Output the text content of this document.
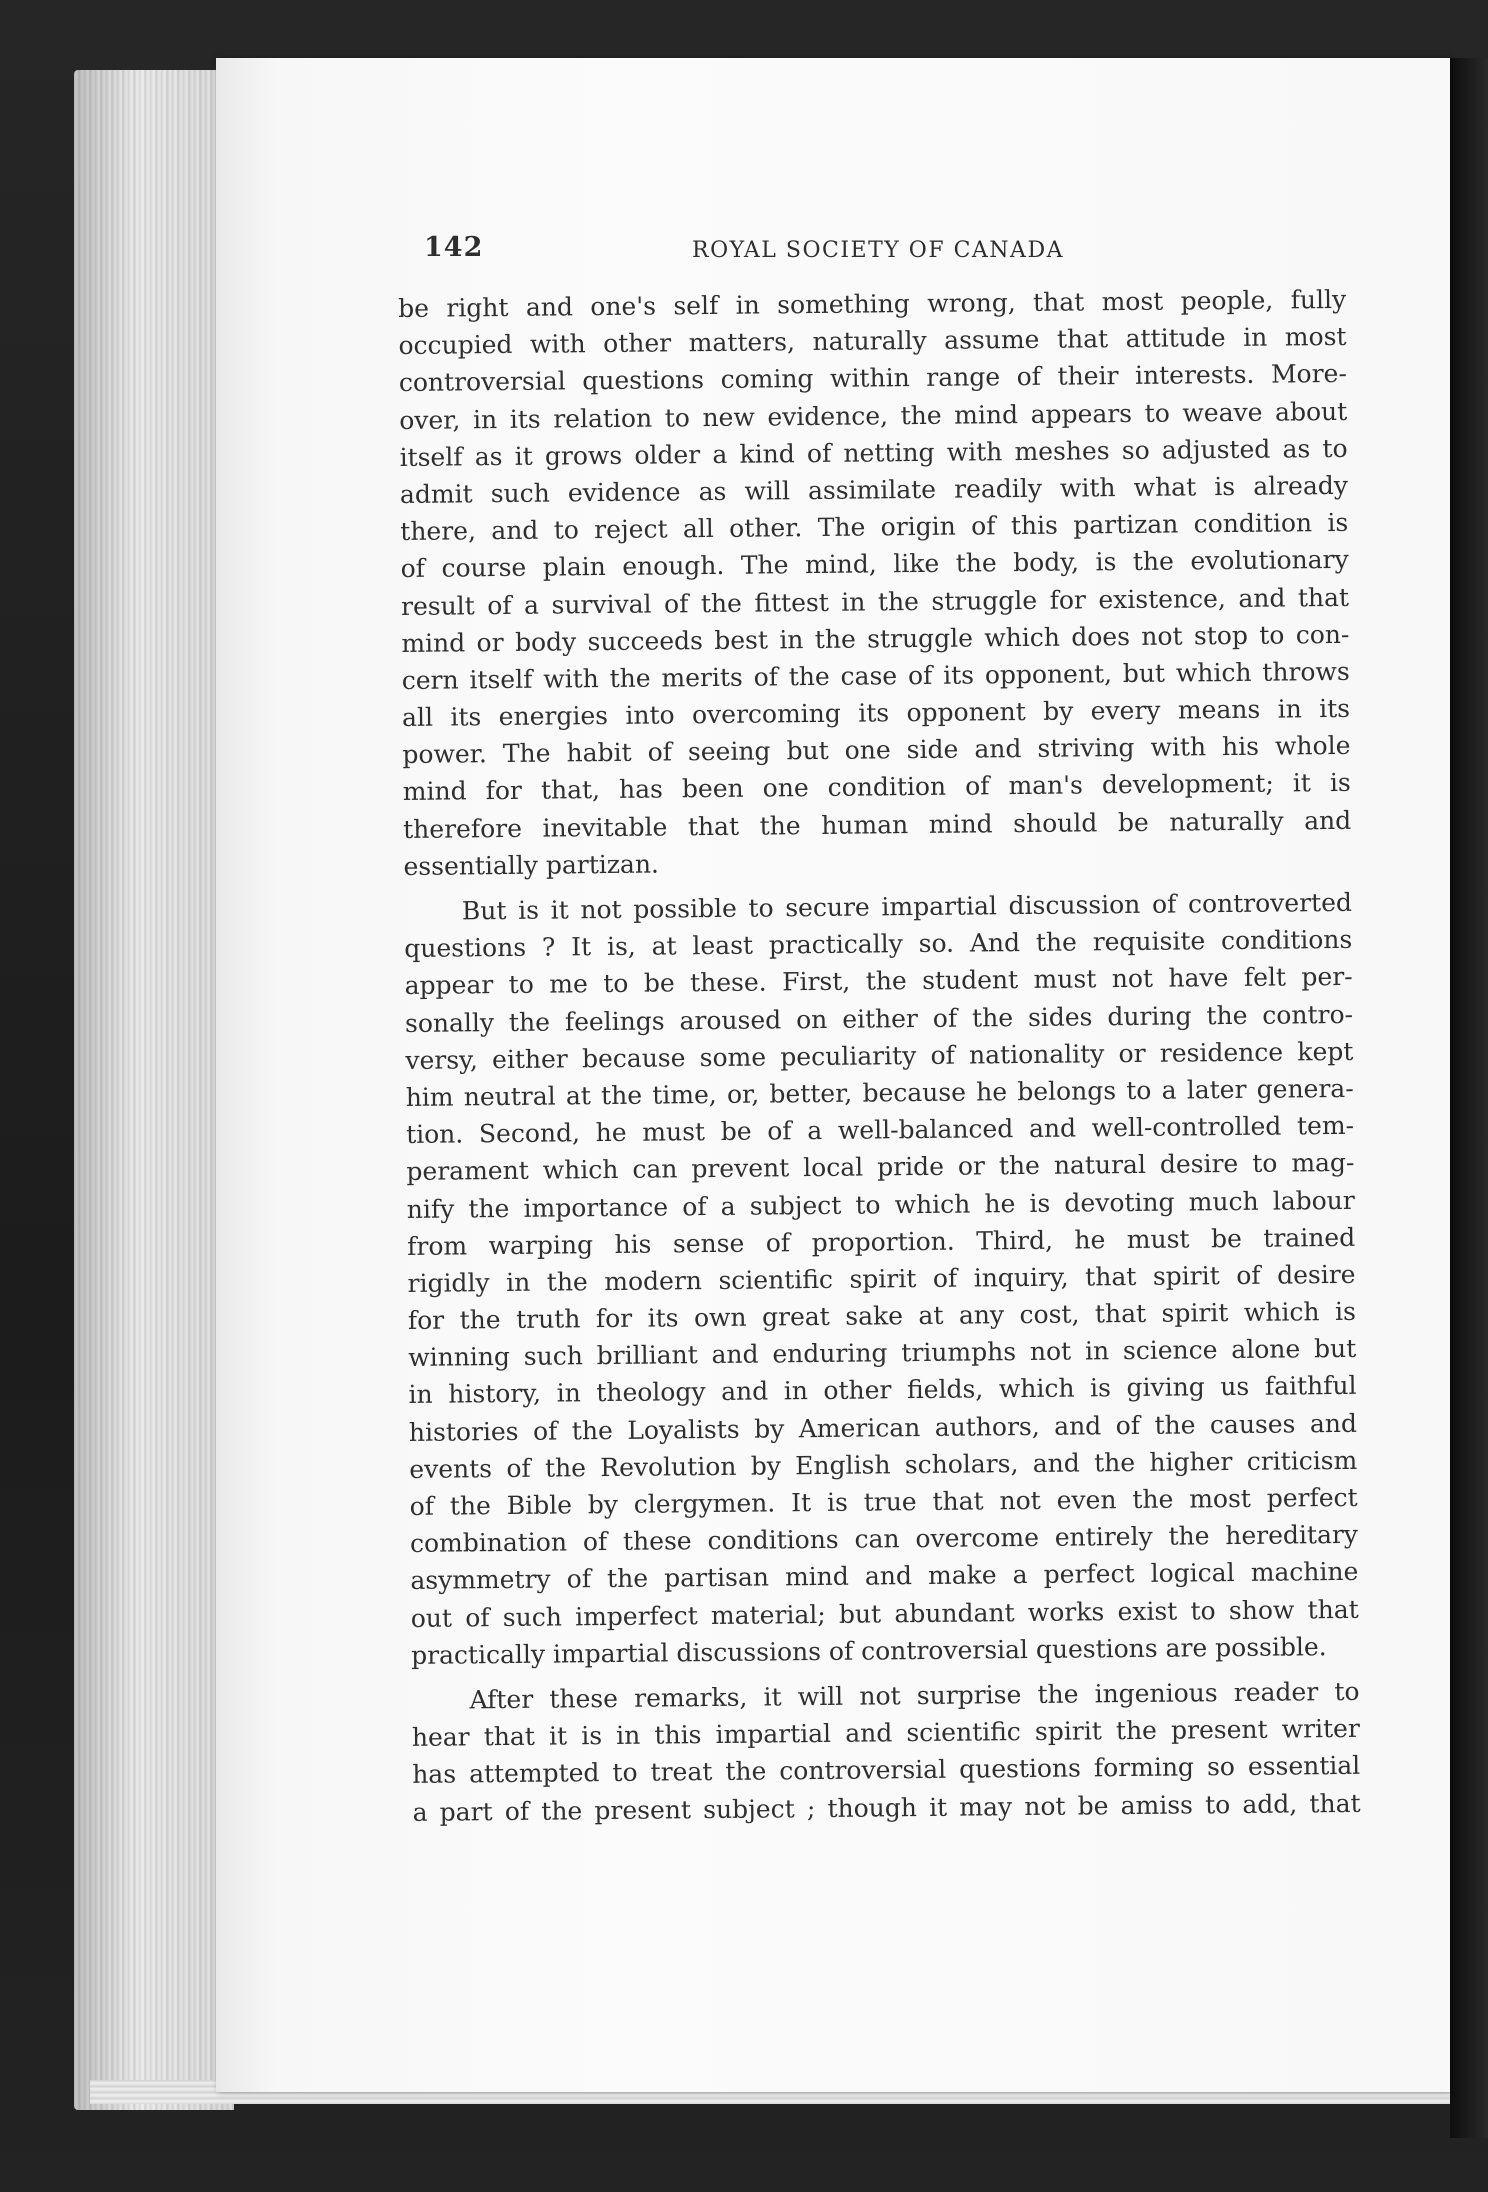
142	ROYAL SOCIETY OF CANADA
be right and one's self in something wrong, that most people, fully
occupied with other matters, naturally assume that attitude in most
controversial questions coming within range of their interests. More-
over, in its relation to new evidence, the mind appears to weave about
itself as it grows older a kind of netting with meshes so adjusted as to
admit such evidence as will assimilate readily with what is already
there, and to reject all other. The origin of this partizan condition is
of course plain enough. The mind, like the body, is the evolutionary
result of a survival of the fittest in the struggle for existence, and that
mind or body succeeds best in the struggle which does not stop to con-
cern itself with the merits of the case of its opponent, but which throws
all its energies into overcoming its opponent by every means in its
power. The habit of seeing but one side and striving with his whole
mind for that, has been one condition of man's development; it is
therefore inevitable that the human mind should be naturally and
essentially partizan.
But is it not possible to secure impartial discussion of controverted
questions ? It is, at least practically so. And the requisite conditions
appear to me to be these. First, the student must not have felt per-
sonally the feelings aroused on either of the sides during the contro-
versy, either because some peculiarity of nationality or residence kept
him neutral at the time, or, better, because he belongs to a later genera-
tion. Second, he must be of a well-balanced and well-controlled tem-
perament which can prevent local pride or the natural desire to mag-
nify the importance of a subject to which he is devoting much labour
from warping his sense of proportion. Third, he must be trained
rigidly in the modern scientific spirit of inquiry, that spirit of desire
for the truth for its own great sake at any cost, that spirit which is
winning such brilliant and enduring triumphs not in science alone but
in history, in theology and in other fields, which is giving us faithful
histories of the Loyalists by American authors, and of the causes and
events of the Revolution by English scholars, and the higher criticism
of the Bible by clergymen. It is true that not even the most perfect
combination of these conditions can overcome entirely the hereditary
asymmetry of the partisan mind and make a perfect logical machine
out of such imperfect material; but abundant works exist to show that
practically impartial discussions of controversial questions are possible.
After these remarks, it will not surprise the ingenious reader to
hear that it is in this impartial and scientific spirit the present writer
has attempted to treat the controversial questions forming so essential
a part of the present subject ; though it may not be amiss to add, that
